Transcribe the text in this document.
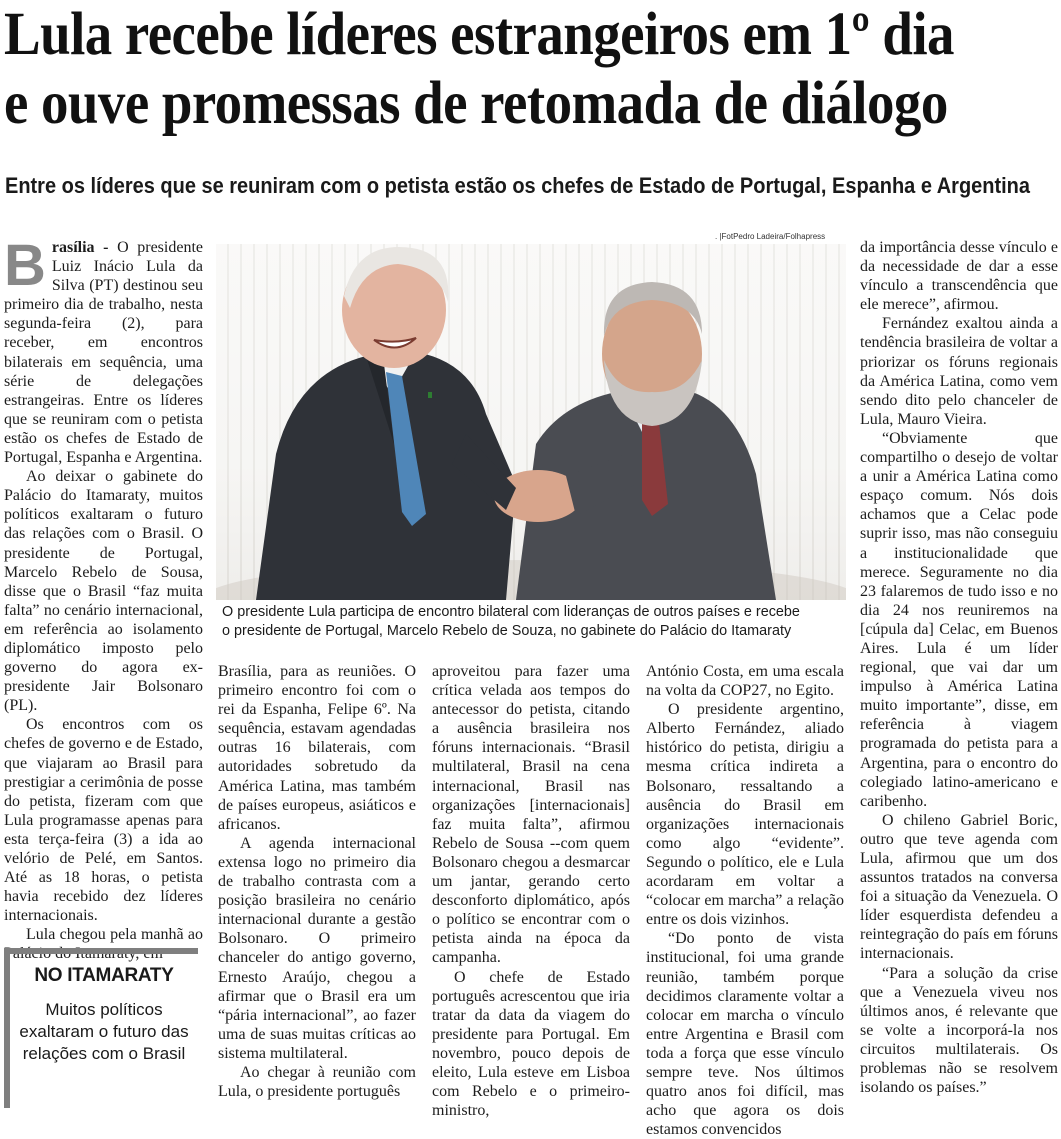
Lula recebe líderes estrangeiros em 1º dia
e ouve promessas de retomada de diálogo
Entre os líderes que se reuniram com o petista estão os chefes de Estado de Portugal, Espanha e Argentina

Brasília - O presidente Luiz Inácio Lula da Silva (PT) destinou seu primeiro dia de trabalho, nesta segunda-feira (2), para receber, em encontros bilaterais em sequência, uma série de delegações estrangeiras. Entre os líderes que se reuniram com o petista estão os chefes de Estado de Portugal, Espanha e Argentina.

Ao deixar o gabinete do Palácio do Itamaraty, muitos políticos exaltaram o futuro das relações com o Brasil. O presidente de Portugal, Marcelo Rebelo de Sousa, disse que o Brasil “faz muita falta” no cenário internacional, em referência ao isolamento diplomático imposto pelo governo do agora ex-presidente Jair Bolsonaro (PL).

Os encontros com os chefes de governo e de Estado, que viajaram ao Brasil para prestigiar a cerimônia de posse do petista, fizeram com que Lula programasse apenas para esta terça-feira (3) a ida ao velório de Pelé, em Santos. Até as 18 horas, o petista havia recebido dez líderes internacionais.

Lula chegou pela manhã ao Palácio do Itamaraty, em

NO ITAMARATY
Muitos políticos exaltaram o futuro das relações com o Brasil
. |FotPedro Ladeira/Folhapress

O presidente Lula participa de encontro bilateral com lideranças de outros países e recebe
o presidente de Portugal, Marcelo Rebelo de Souza, no gabinete do Palácio do Itamaraty

Brasília, para as reuniões. O primeiro encontro foi com o rei da Espanha, Felipe 6º. Na sequência, estavam agendadas outras 16 bilaterais, com autoridades sobretudo da América Latina, mas também de países europeus, asiáticos e africanos.

A agenda internacional extensa logo no primeiro dia de trabalho contrasta com a posição brasileira no cenário internacional durante a gestão Bolsonaro. O primeiro chanceler do antigo governo, Ernesto Araújo, chegou a afirmar que o Brasil era um “pária internacional”, ao fazer uma de suas muitas críticas ao sistema multilateral.

Ao chegar à reunião com Lula, o presidente português

aproveitou para fazer uma crítica velada aos tempos do antecessor do petista, citando a ausência brasileira nos fóruns internacionais. “Brasil multilateral, Brasil na cena internacional, Brasil nas organizações [internacionais] faz muita falta”, afirmou Rebelo de Sousa --com quem Bolsonaro chegou a desmarcar um jantar, gerando certo desconforto diplomático, após o político se encontrar com o petista ainda na época da campanha.

O chefe de Estado português acrescentou que iria tratar da data da viagem do presidente para Portugal. Em novembro, pouco depois de eleito, Lula esteve em Lisboa com Rebelo e o primeiro-ministro,

António Costa, em uma escala na volta da COP27, no Egito.

O presidente argentino, Alberto Fernández, aliado histórico do petista, dirigiu a mesma crítica indireta a Bolsonaro, ressaltando a ausência do Brasil em organizações internacionais como algo “evidente”. Segundo o político, ele e Lula acordaram em voltar a “colocar em marcha” a relação entre os dois vizinhos.

“Do ponto de vista institucional, foi uma grande reunião, também porque decidimos claramente voltar a colocar em marcha o vínculo entre Argentina e Brasil com toda a força que esse vínculo sempre teve. Nos últimos quatro anos foi difícil, mas acho que agora os dois estamos convencidos

da importância desse vínculo e da necessidade de dar a esse vínculo a transcendência que ele merece”, afirmou.

Fernández exaltou ainda a tendência brasileira de voltar a priorizar os fóruns regionais da América Latina, como vem sendo dito pelo chanceler de Lula, Mauro Vieira.

“Obviamente que compartilho o desejo de voltar a unir a América Latina como espaço comum. Nós dois achamos que a Celac pode suprir isso, mas não conseguiu a institucionalidade que merece. Seguramente no dia 23 falaremos de tudo isso e no dia 24 nos reuniremos na [cúpula da] Celac, em Buenos Aires. Lula é um líder regional, que vai dar um impulso à América Latina muito importante”, disse, em referência à viagem programada do petista para a Argentina, para o encontro do colegiado latino-americano e caribenho.

O chileno Gabriel Boric, outro que teve agenda com Lula, afirmou que um dos assuntos tratados na conversa foi a situação da Venezuela. O líder esquerdista defendeu a reintegração do país em fóruns internacionais.

“Para a solução da crise que a Venezuela viveu nos últimos anos, é relevante que se volte a incorporá-la nos circuitos multilaterais. Os problemas não se resolvem isolando os países.”
